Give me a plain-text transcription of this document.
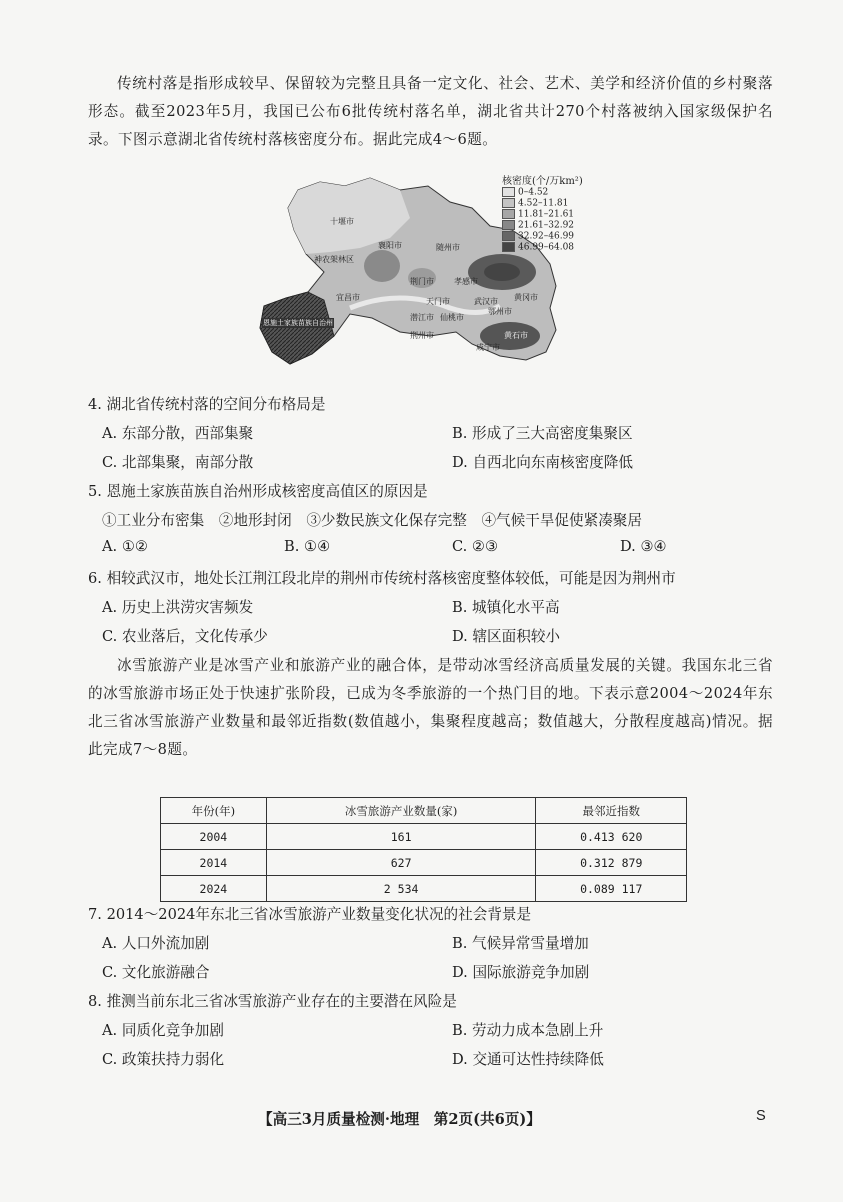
传统村落是指形成较早、保留较为完整且具备一定文化、社会、艺术、美学和经济价值的乡村聚落形态。截至2023年5月，我国已公布6批传统村落名单，湖北省共计270个村落被纳入国家级保护名录。下图示意湖北省传统村落核密度分布。据此完成4～6题。
十堰市
神农架林区
襄阳市	随州市
宜昌市
荆门市	孝感市
黄冈市
恩施土家族苗族自治州
天门市	武汉市
鄂州市
潜江市 仙桃市
荆州市	黄石市
咸宁市
核密度(个/万km²)
0–4.52
4.52–11.81
11.81–21.61
21.61–32.92
32.92–46.99
46.99–64.08
4. 湖北省传统村落的空间分布格局是
A. 东部分散，西部集聚	B. 形成了三大高密度集聚区
C. 北部集聚，南部分散	D. 自西北向东南核密度降低
5. 恩施土家族苗族自治州形成核密度高值区的原因是
①工业分布密集　②地形封闭　③少数民族文化保存完整　④气候干旱促使紧凑聚居
A. ①②	B. ①④	C. ②③	D. ③④
6. 相较武汉市，地处长江荆江段北岸的荆州市传统村落核密度整体较低，可能是因为荆州市
A. 历史上洪涝灾害频发	B. 城镇化水平高
C. 农业落后，文化传承少	D. 辖区面积较小
冰雪旅游产业是冰雪产业和旅游产业的融合体，是带动冰雪经济高质量发展的关键。我国东北三省的冰雪旅游市场正处于快速扩张阶段，已成为冬季旅游的一个热门目的地。下表示意2004～2024年东北三省冰雪旅游产业数量和最邻近指数(数值越小，集聚程度越高；数值越大，分散程度越高)情况。据此完成7～8题。
年份(年)	冰雪旅游产业数量(家)	最邻近指数
2004	161	0.413 620
2014	627	0.312 879
2024	2 534	0.089 117
7. 2014～2024年东北三省冰雪旅游产业数量变化状况的社会背景是
A. 人口外流加剧	B. 气候异常雪量增加
C. 文化旅游融合	D. 国际旅游竞争加剧
8. 推测当前东北三省冰雪旅游产业存在的主要潜在风险是
A. 同质化竞争加剧	B. 劳动力成本急剧上升
C. 政策扶持力弱化	D. 交通可达性持续降低
【高三3月质量检测·地理　第2页(共6页)】	S
